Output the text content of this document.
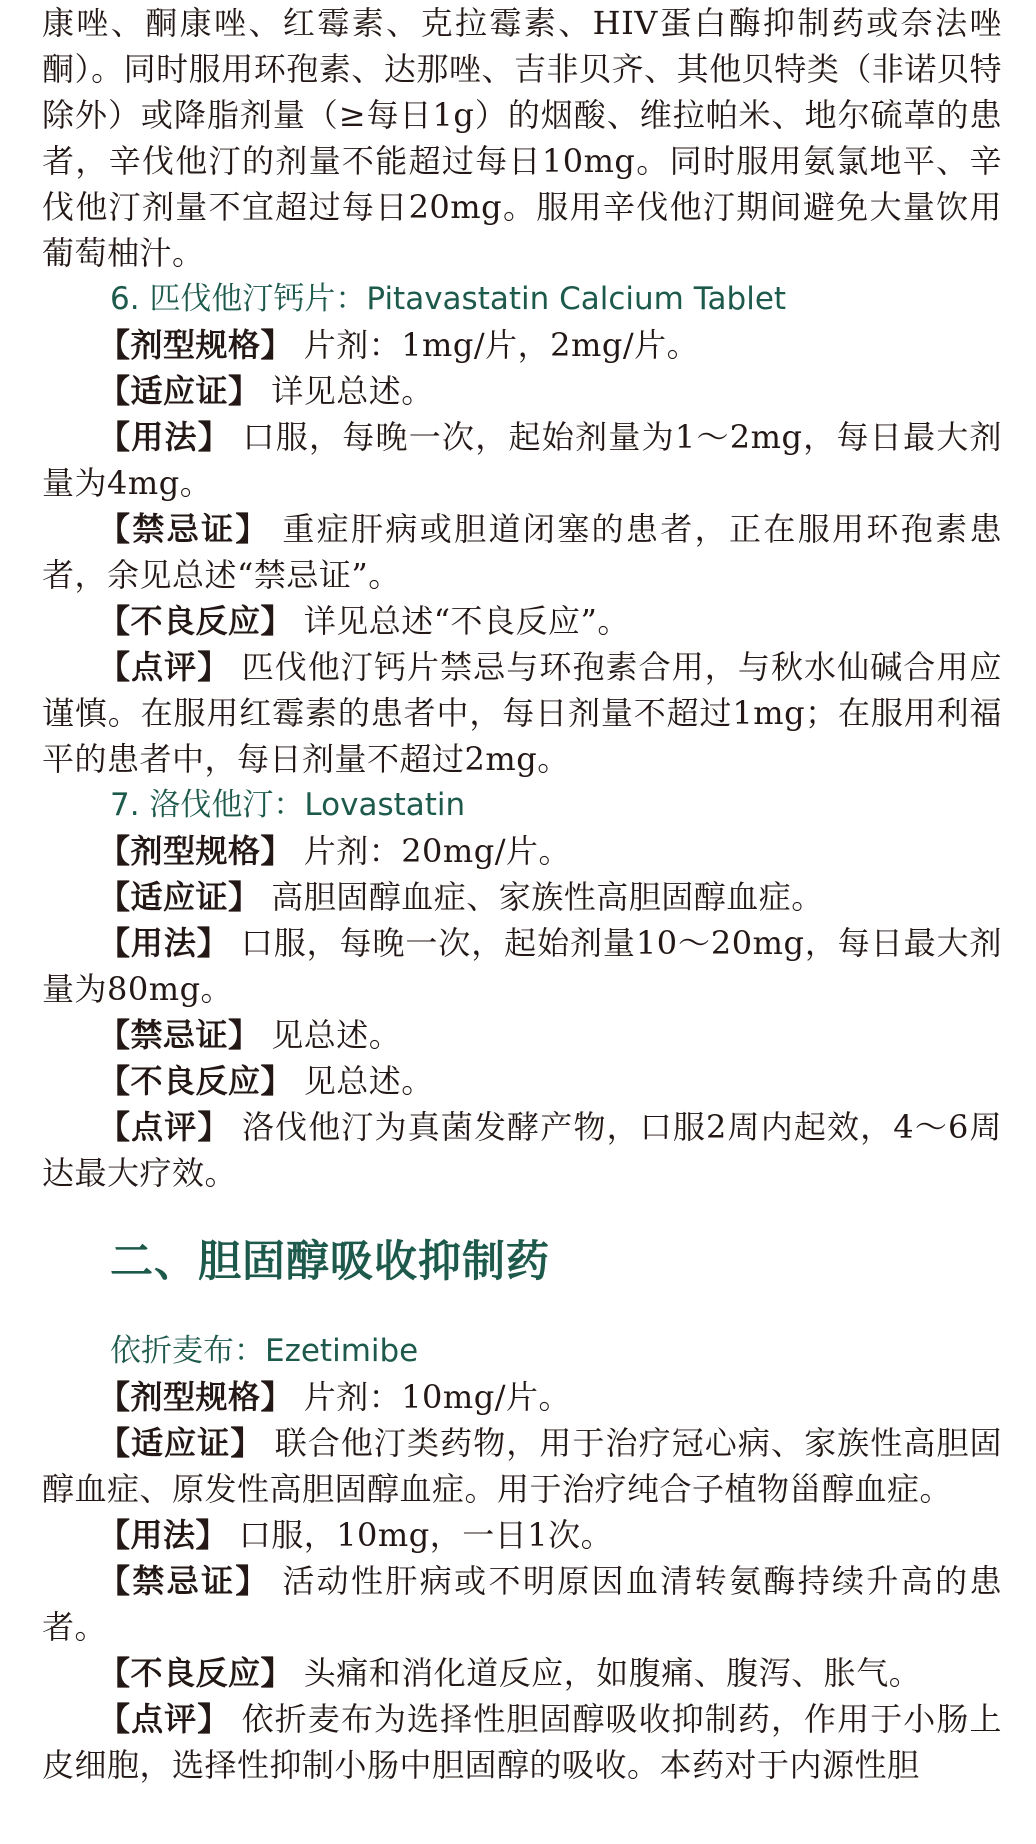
康唑、酮康唑、红霉素、克拉霉素、HIV蛋白酶抑制药或奈法唑酮）。同时服用环孢素、达那唑、吉非贝齐、其他贝特类（非诺贝特除外）或降脂剂量（≥每日1g）的烟酸、维拉帕米、地尔硫䓬的患者，辛伐他汀的剂量不能超过每日10mg。同时服用氨氯地平、辛伐他汀剂量不宜超过每日20mg。服用辛伐他汀期间避免大量饮用葡萄柚汁。

6. 匹伐他汀钙片：Pitavastatin Calcium Tablet

【剂型规格】 片剂：1mg/片，2mg/片。

【适应证】 详见总述。

【用法】 口服，每晚一次，起始剂量为1～2mg，每日最大剂量为4mg。

【禁忌证】 重症肝病或胆道闭塞的患者，正在服用环孢素患者，余见总述“禁忌证”。

【不良反应】 详见总述“不良反应”。

【点评】 匹伐他汀钙片禁忌与环孢素合用，与秋水仙碱合用应谨慎。在服用红霉素的患者中，每日剂量不超过1mg；在服用利福平的患者中，每日剂量不超过2mg。

7. 洛伐他汀：Lovastatin

【剂型规格】 片剂：20mg/片。

【适应证】 高胆固醇血症、家族性高胆固醇血症。

【用法】 口服，每晚一次，起始剂量10～20mg，每日最大剂量为80mg。

【禁忌证】 见总述。

【不良反应】 见总述。

【点评】 洛伐他汀为真菌发酵产物，口服2周内起效，4～6周达最大疗效。

二、胆固醇吸收抑制药
依折麦布：Ezetimibe

【剂型规格】 片剂：10mg/片。

【适应证】 联合他汀类药物，用于治疗冠心病、家族性高胆固醇血症、原发性高胆固醇血症。用于治疗纯合子植物甾醇血症。

【用法】 口服，10mg，一日1次。

【禁忌证】 活动性肝病或不明原因血清转氨酶持续升高的患者。

【不良反应】 头痛和消化道反应，如腹痛、腹泻、胀气。

【点评】 依折麦布为选择性胆固醇吸收抑制药，作用于小肠上皮细胞，选择性抑制小肠中胆固醇的吸收。本药对于内源性胆
